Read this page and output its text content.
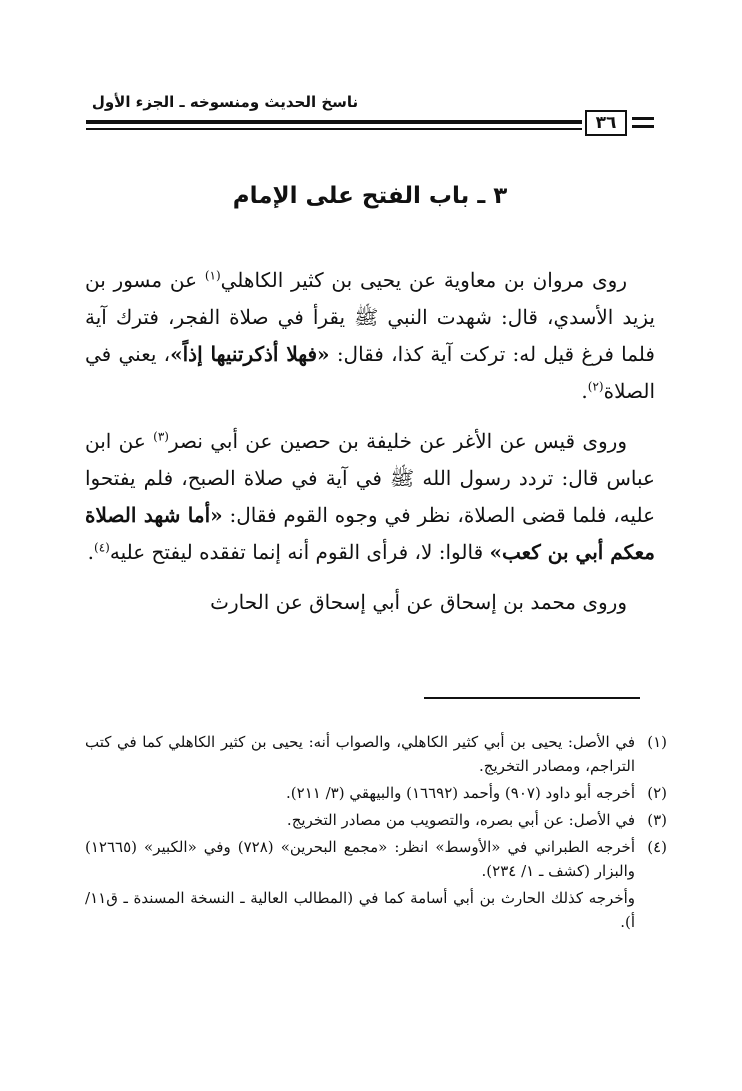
ناسخ الحديث ومنسوخه ـ الجزء الأول
٣٦
٣ ـ باب الفتح على الإمام

روى مروان بن معاوية عن يحيى بن كثير الكاهلي$^{(١)}$ عن مسور بن يزيد الأسدي، قال: شهدت النبي ﷺ يقرأ في صلاة الفجر، فترك آية فلما فرغ قيل له: تركت آية كذا، فقال: «فهلا أذكرتنيها إذاً»، يعني في الصلاة$^{(٢)}$.

وروى قيس عن الأغر عن خليفة بن حصين عن أبي نصر$^{(٣)}$ عن ابن عباس قال: تردد رسول الله ﷺ في آية في صلاة الصبح، فلم يفتحوا عليه، فلما قضى الصلاة، نظر في وجوه القوم فقال: «أما شهد الصلاة معكم أبي بن كعب» قالوا: لا، فرأى القوم أنه إنما تفقده ليفتح عليه$^{(٤)}$.

وروى محمد بن إسحاق عن أبي إسحاق عن الحارث

(١)
في الأصل: يحيى بن أبي كثير الكاهلي، والصواب أنه: يحيى بن كثير الكاهلي كما في كتب التراجم، ومصادر التخريج.
(٢)
أخرجه أبو داود (٩٠٧) وأحمد (١٦٦٩٢) والبيهقي (٣/ ٢١١).
(٣)
في الأصل: عن أبي بصره، والتصويب من مصادر التخريج.
(٤)
أخرجه الطبراني في «الأوسط» انظر: «مجمع البحرين» (٧٢٨) وفي «الكبير» (١٢٦٦٥) والبزار (كشف ـ ١/ ٢٣٤).
وأخرجه كذلك الحارث بن أبي أسامة كما في (المطالب العالية ـ النسخة المسندة ـ ق١١/أ).
